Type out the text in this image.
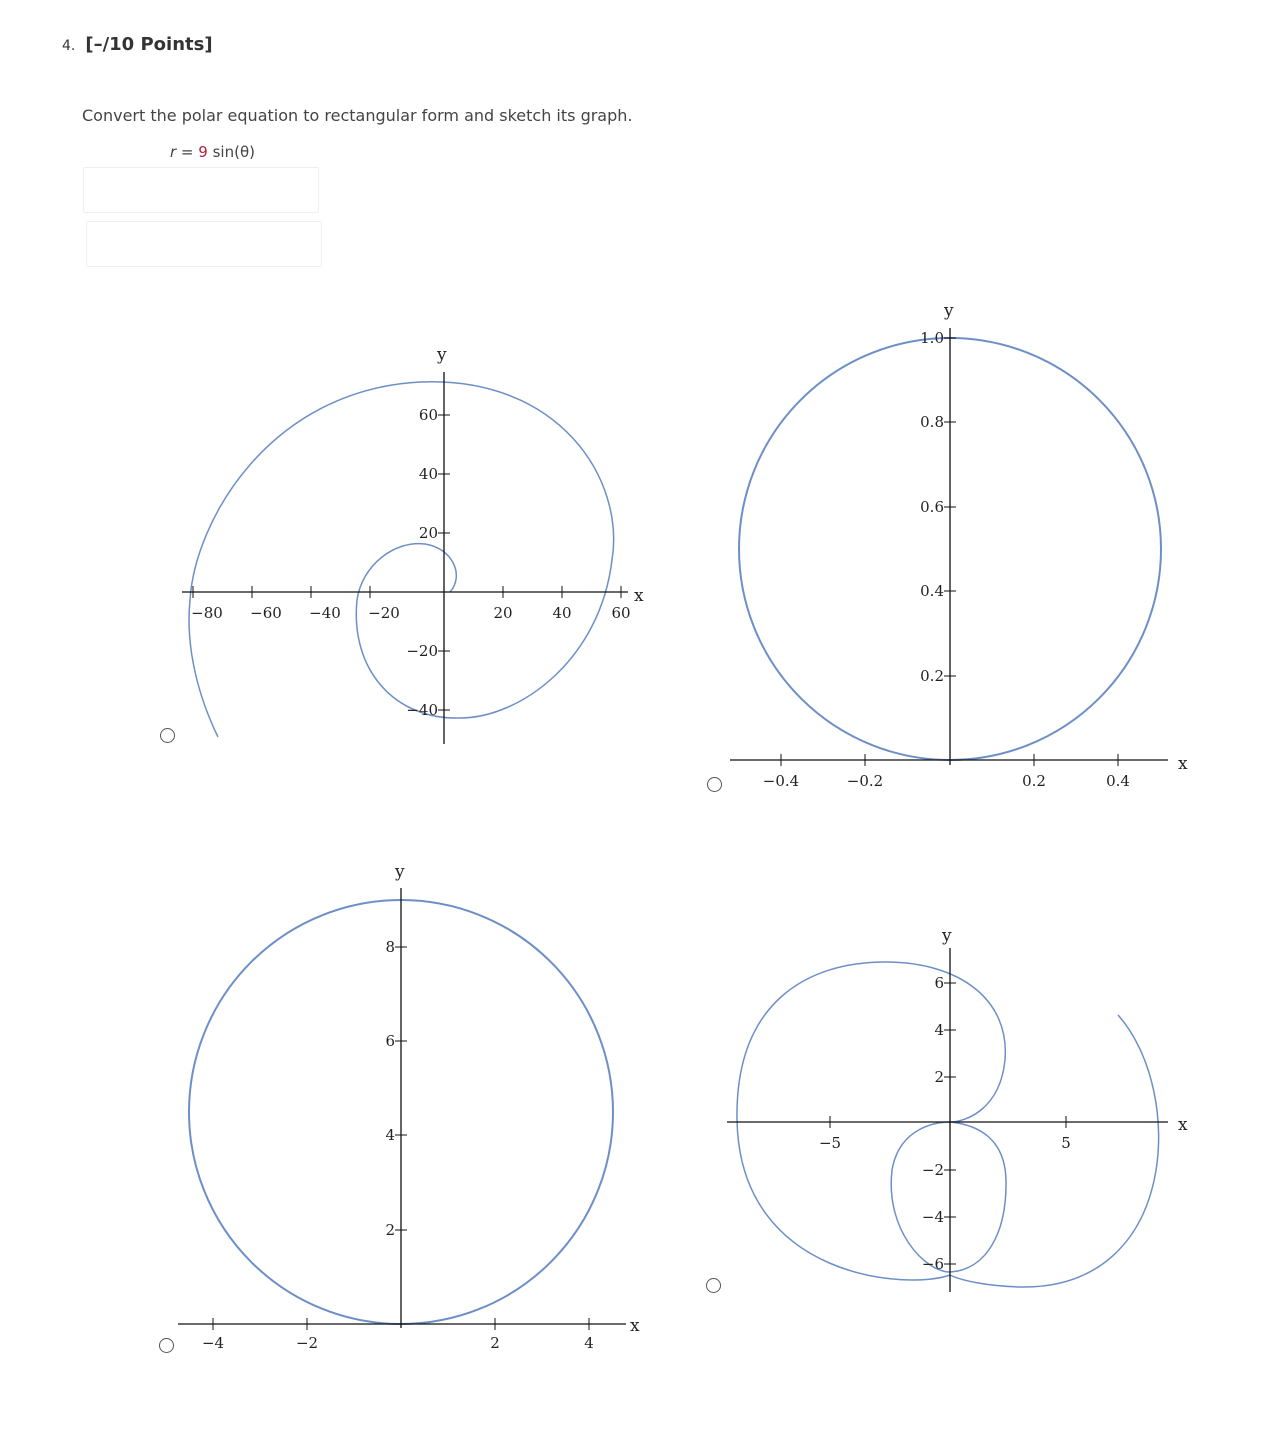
4. [–/10 Points]
Convert the polar equation to rectangular form and sketch its graph.
r = 9 sin(θ)
−80 −60 −40 −20	20	40	60
60
40
20
−20
−40
x
y
−0.4	−0.2	0.2	0.4
1.0
0.8
0.6
0.4
0.2
x
y
−4	−2	2	4
8
6
4
2
x
y
−5	5
6
4
2
−2
−4
−6
x
y
